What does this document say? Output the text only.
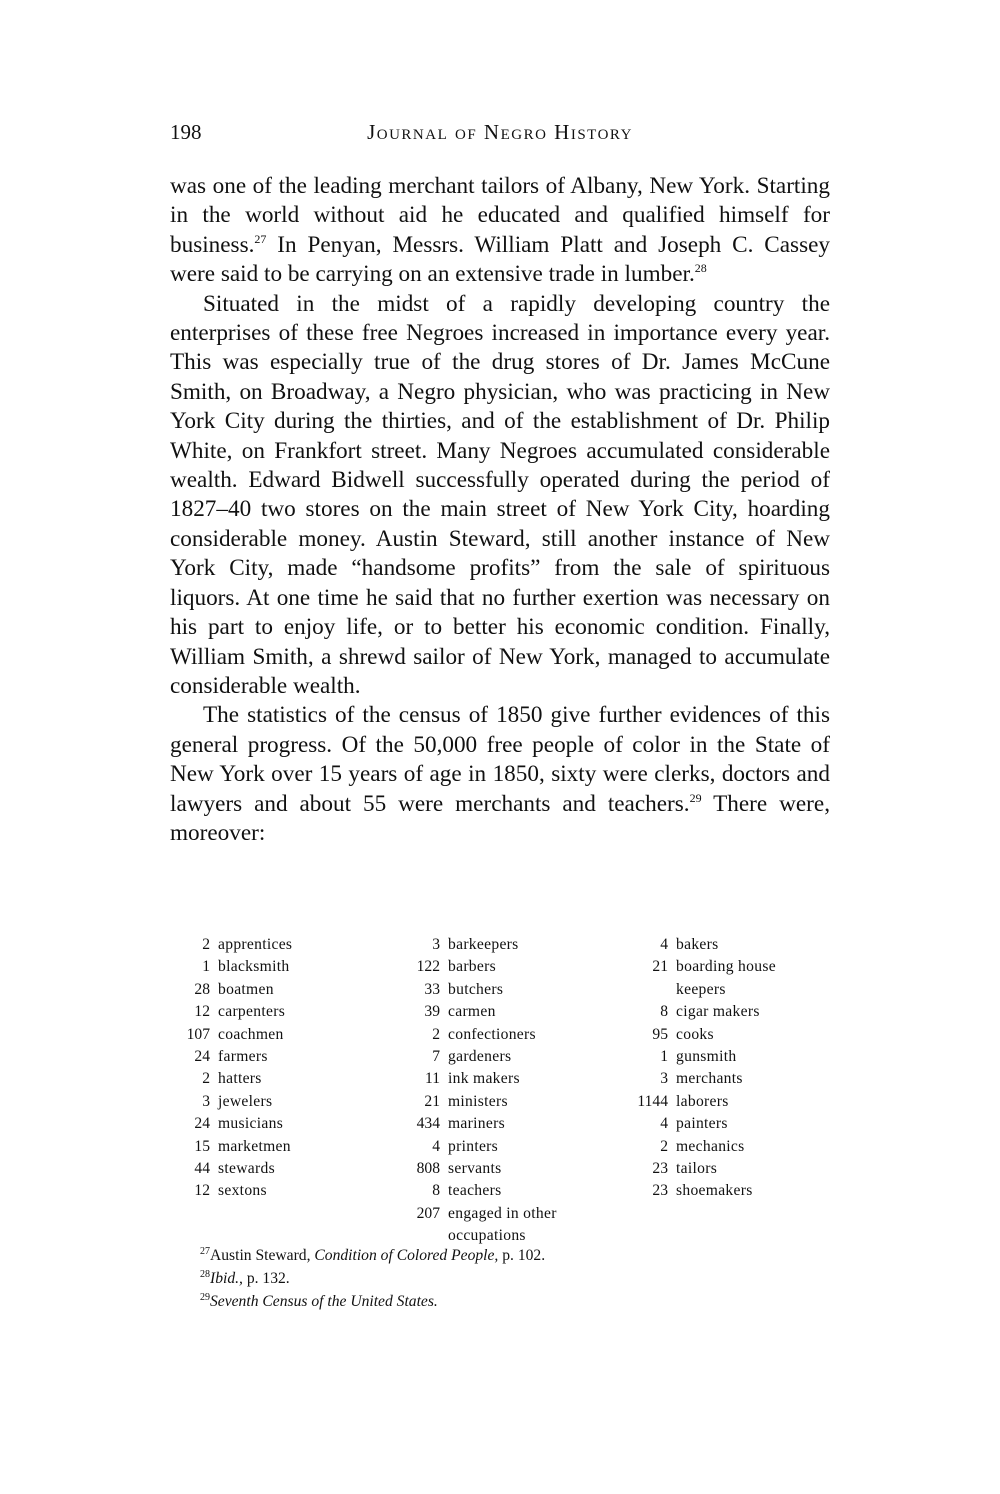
198	Journal of Negro History

was one of the leading merchant tailors of Albany, New York. Starting in the world without aid he educated and qualified himself for business.$^{27}$ In Penyan, Messrs. William Platt and Joseph C. Cassey were said to be carrying on an extensive trade in lumber.$^{28}$

Situated in the midst of a rapidly developing country the enterprises of these free Negroes increased in importance every year. This was especially true of the drug stores of Dr. James McCune Smith, on Broadway, a Negro physician, who was practicing in New York City during the thirties, and of the establishment of Dr. Philip White, on Frankfort street. Many Negroes accumulated considerable wealth. Edward Bidwell successfully operated during the period of 1827–40 two stores on the main street of New York City, hoarding considerable money. Austin Steward, still another instance of New York City, made “handsome profits” from the sale of spirituous liquors. At one time he said that no further exertion was necessary on his part to enjoy life, or to better his economic condition. Finally, William Smith, a shrewd sailor of New York, managed to accumulate considerable wealth.

The statistics of the census of 1850 give further evidences of this general progress. Of the 50,000 free people of color in the State of New York over 15 years of age in 1850, sixty were clerks, doctors and lawyers and about 55 were merchants and teachers.$^{29}$ There were, moreover:

2 apprentices
1 blacksmith
28 boatmen
12 carpenters
107 coachmen
24 farmers
2 hatters
3 jewelers
24 musicians
15 marketmen
44 stewards
12 sextons
3 barkeepers
122 barbers
33 butchers
39 carmen
2 confectioners
7 gardeners
11 ink makers
21 ministers
434 mariners
4 printers
808 servants
8 teachers
207 engaged in other
occupations
4 bakers
21 boarding house
keepers
8 cigar makers
95 cooks
1 gunsmith
3 merchants
1144 laborers
4 painters
2 mechanics
23 tailors
23 shoemakers

$^{27}$Austin Steward, Condition of Colored People, p. 102.

$^{28}$Ibid., p. 132.

$^{29}$Seventh Census of the United States.
